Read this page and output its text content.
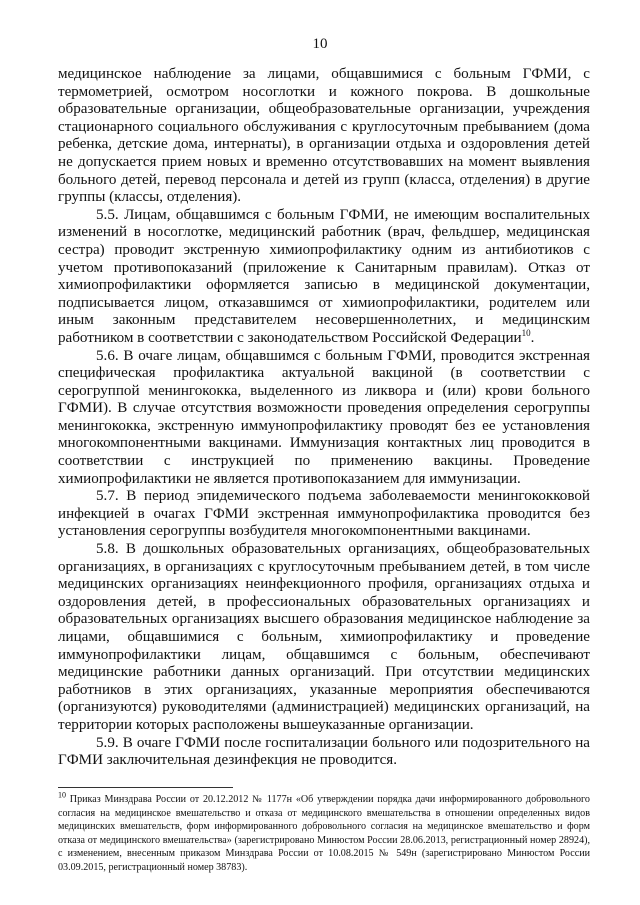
10

медицинское наблюдение за лицами, общавшимися с больным ГФМИ, с термометрией, осмотром носоглотки и кожного покрова. В дошкольные образовательные организации, общеобразовательные организации, учреждения стационарного социального обслуживания с круглосуточным пребыванием (дома ребенка, детские дома, интернаты), в организации отдыха и оздоровления детей не допускается прием новых и временно отсутствовавших на момент выявления больного детей, перевод персонала и детей из групп (класса, отделения) в другие группы (классы, отделения).

5.5. Лицам, общавшимся с больным ГФМИ, не имеющим воспалительных изменений в носоглотке, медицинский работник (врач, фельдшер, медицинская сестра) проводит экстренную химиопрофилактику одним из антибиотиков с учетом противопоказаний (приложение к Санитарным правилам). Отказ от химиопрофилактики оформляется записью в медицинской документации, подписывается лицом, отказавшимся от химиопрофилактики, родителем или иным законным представителем несовершеннолетних, и медицинским работником в соответствии с законодательством Российской Федерации$^{10}$.

5.6. В очаге лицам, общавшимся с больным ГФМИ, проводится экстренная специфическая профилактика актуальной вакциной (в соответствии с серогруппой менингококка, выделенного из ликвора и (или) крови больного ГФМИ). В случае отсутствия возможности проведения определения серогруппы менингококка, экстренную иммунопрофилактику проводят без ее установления многокомпонентными вакцинами. Иммунизация контактных лиц проводится в соответствии с инструкцией по применению вакцины. Проведение химиопрофилактики не является противопоказанием для иммунизации.

5.7. В период эпидемического подъема заболеваемости менингококковой инфекцией в очагах ГФМИ экстренная иммунопрофилактика проводится без установления серогруппы возбудителя многокомпонентными вакцинами.

5.8. В дошкольных образовательных организациях, общеобразовательных организациях, в организациях с круглосуточным пребыванием детей, в том числе медицинских организациях неинфекционного профиля, организациях отдыха и оздоровления детей, в профессиональных образовательных организациях и образовательных организациях высшего образования медицинское наблюдение за лицами, общавшимися с больным, химиопрофилактику и проведение иммунопрофилактики лицам, общавшимся с больным, обеспечивают медицинские работники данных организаций. При отсутствии медицинских работников в этих организациях, указанные мероприятия обеспечиваются (организуются) руководителями (администрацией) медицинских организаций, на территории которых расположены вышеуказанные организации.

5.9. В очаге ГФМИ после госпитализации больного или подозрительного на ГФМИ заключительная дезинфекция не проводится.

$^{10}$ Приказ Минздрава России от 20.12.2012 № 1177н «Об утверждении порядка дачи информированного добровольного согласия на медицинское вмешательство и отказа от медицинского вмешательства в отношении определенных видов медицинских вмешательств, форм информированного добровольного согласия на медицинское вмешательство и форм отказа от медицинского вмешательства» (зарегистрировано Минюстом России 28.06.2013, регистрационный номер 28924), с изменением, внесенным приказом Минздрава России от 10.08.2015 № 549н (зарегистрировано Минюстом России 03.09.2015, регистрационный номер 38783).
